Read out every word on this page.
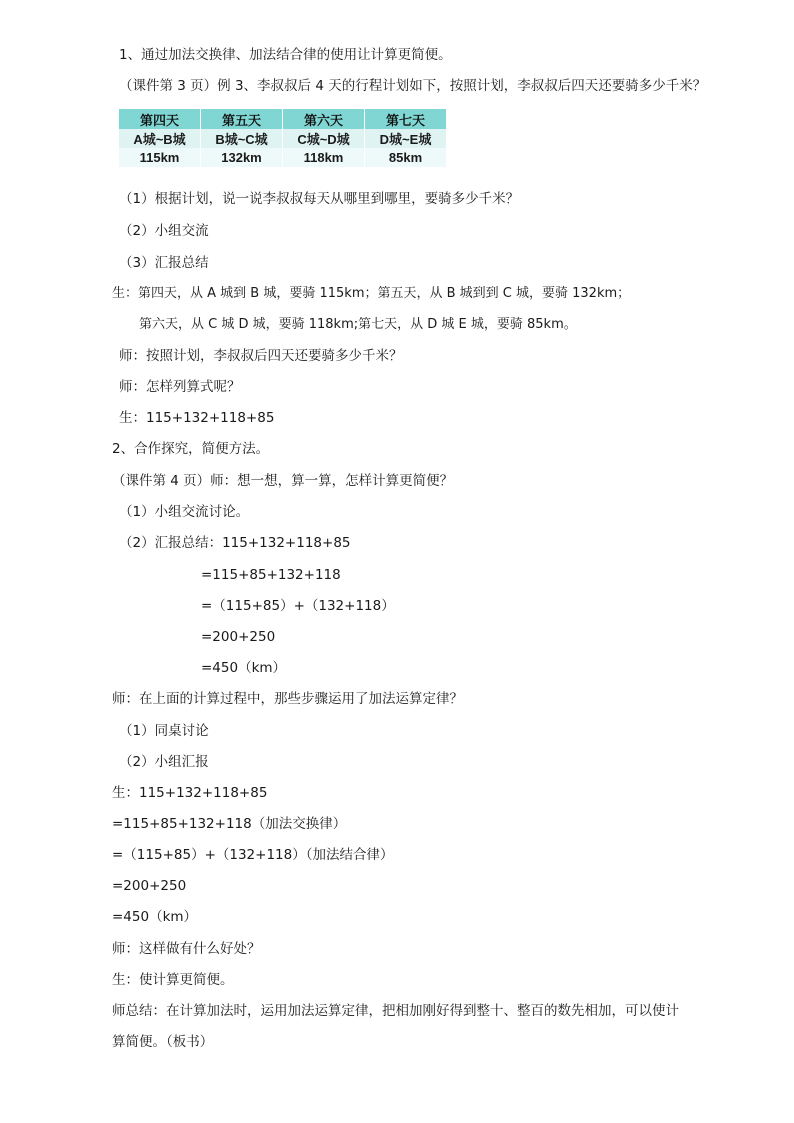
1、通过加法交换律、加法结合律的使用让计算更简便。
（课件第 3 页）例 3、李叔叔后 4 天的行程计划如下，按照计划，李叔叔后四天还要骑多少千米？
第四天	第五天	第六天	第七天
A城~B城	B城~C城	C城~D城	D城~E城
115km	132km	118km	85km
（1）根据计划，说一说李叔叔每天从哪里到哪里，要骑多少千米？
（2）小组交流
（3）汇报总结
生：第四天，从 A 城到 B 城，要骑 115km；第五天，从 B 城到到 C 城，要骑 132km；
第六天，从 C 城 D 城，要骑 118km;第七天，从 D 城 E 城，要骑 85km。
师：按照计划，李叔叔后四天还要骑多少千米？
师：怎样列算式呢？
生：115+132+118+85
2、合作探究，简便方法。
（课件第 4 页）师：想一想，算一算，怎样计算更简便？
（1）小组交流讨论。
（2）汇报总结：115+132+118+85
=115+85+132+118
=（115+85）+（132+118）
=200+250
=450（km）
师：在上面的计算过程中，那些步骤运用了加法运算定律？
（1）同桌讨论
（2）小组汇报
生：115+132+118+85
=115+85+132+118（加法交换律）
=（115+85）+（132+118）（加法结合律）
=200+250
=450（km）
师：这样做有什么好处？
生：使计算更简便。
师总结：在计算加法时，运用加法运算定律，把相加刚好得到整十、整百的数先相加，可以使计
算简便。（板书）
